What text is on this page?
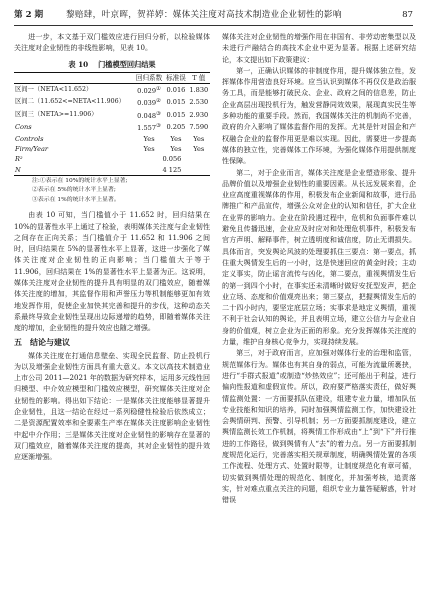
第 2 期	黎赔肆，叶京晖，贺祥婷：媒体关注度对高技术制造业企业韧性的影响	87

进一步，本文基于双门槛效应进行回归分析，以检验媒体关注度对企业韧性的非线性影响，见表 10。

表 10 门槛模型回归结果
	回归系数	标准误	T 值
区间一（NETA<11.652）	0.029①	0.016	1.830
区间二（11.652<=NETA<11.906）	0.039②	0.015	2.530
区间三（NETA>=11.906）	0.048③	0.015	2.930
Cons	1.557③	0.205	7.590
Controls	Yes	Yes	Yes
Firm/Year	Yes	Yes	Yes
R²	0.056		
N	4 125		
注:①表示在 10%的统计水平上显著;
②表示在 5%的统计水平上显著;
③表示在 1%的统计水平上显著。

由表 10 可知，当门槛值小于 11.652 时，回归结果在 10%的显著性水平上通过了检验，表明媒体关注度与企业韧性之间存在正向关系；当门槛值介于 11.652 和 11.906 之间时，回归结果在 5%的显著性水平上显著，这进一步强化了媒体关注度对企业韧性的正向影响；当门槛值大于等于 11.906，回归结果在 1%的显著性水平上显著为正。这说明，媒体关注度对企业韧性的提升具有明显的双门槛效应，随着媒体关注度的增加，其监督作用和声誉压力等机制能够更加有效地发挥作用，促使企业加快其完善和提升的步伐，这种动态关系最终导致企业韧性呈现出边际递增的趋势，即随着媒体关注度的增加，企业韧性的提升效应也随之增强。

五 结论与建议

媒体关注度在打通信息壁垒、实现全民监督、防止投机行为以及增强企业韧性方面具有重大意义。本文以高技术制造业上市公司 2011—2021 年的数据为研究样本，运用多元线性回归模型、中介效应模型和门槛效应模型，研究媒体关注度对企业韧性的影响。得出如下结论：一是媒体关注度能够显著提升企业韧性，且这一结论在经过一系列稳健性检验后依然成立；二是资源配置效率和全要素生产率在媒体关注度影响企业韧性中起中介作用；三是媒体关注度对企业韧性的影响存在显著的双门槛效应，随着媒体关注度的提高，其对企业韧性的提升效应逐渐增强。

媒体关注对企业韧性的增强作用在非国有、非劳动密集型以及未进行产融结合的高技术企业中更为显著。根据上述研究结论，本文提出如下政策建议：

第一，正确认识媒体的非制度作用，提升媒体独立性，发挥媒体作用营造良好环境。应当认识到媒体不再仅仅是政治服务工具，而是能够打破民众、企业、政府之间的信息差，防止企业高层出现投机行为，触发营静同效效果，展现真实民生等多种功能的重要手段。然而，我国媒体关注的机制尚不完善，政府的介入影响了媒体监督作用的发挥。尤其是针对国企和产权融合企业的监督作用更是难以实现。因此，需要进一步提高媒体的独立性，完善媒体工作环境，为强化媒体作用提供制度性保障。

第二，对于企业而言，媒体关注度是企业塑造形象、提升品牌价值以及增强企业韧性的重要因素。从长远发展来看，企业应高度重视媒体的作用，积极发布企业新闻和故事，进行品牌推广和产品宣传，增强公众对企业的认知和信任，扩大企业在业界的影响力。企业在阶段遇过程中，危机和负面事件难以避免且传播迅速，企业应及时应对和处理危机事件，积极发布官方声明、解释事件，树立透明度和诚信度，防止无谓损失。具体而言，突发舆论风波的处理要抓住三要点：第一要点，抓住重大舆情发生后的一小时，这是快速回应的黄金时段；主动定义事实，防止谣言流传与凶化，第二要点，重视舆情发生后的第一到四个小时，在事实还未清晰时做好安抚型发声，把企业立场、态度和价值观亮出来；第三要点，把握舆情发生后的二十四小时内，要坚定底层立场；实事求是地定义舆情，重视不利于社会认知的舆论，并且表明立场，建立公信力与企业自身的价值观，树立企业为正面的形象。充分发挥媒体关注度的力量，维护自身核心竞争力，实现持续发展。

第三，对于政府而言，应加强对媒体行业的治理和监管，规范媒体行为。媒体也有其自身的弱点，可能为流量所裹挟，进行“手群式报道”或制造“炒热效应”；还可能出于利益，进行偏向性报道和虚假宣传。所以，政府要严格落实责任，做好舆情监测处置：一方面要抓队伍建设，组建专业力量，增加队伍专业技能和知识的培养，同时加强舆情监测工作，加快建设社会舆情研判、预警、引导机制；另一方面要抓制度建设，建立舆情监测长效工作机制，将舆情工作形成由“上”到“下”并行推进的工作路径，做到舆情有人“去”的着力点。另一方面要抓制度规范化运行，完善落实相关规章制度，明确舆情处置的各项工作流程、处理方式、处置时限等，让制度规范化有章可循，切实做到舆情处理的规范化、制度化，并加强考核，追责落实，针对难点重点关注的问题，组织专业力量答疑解惑，针对错误
